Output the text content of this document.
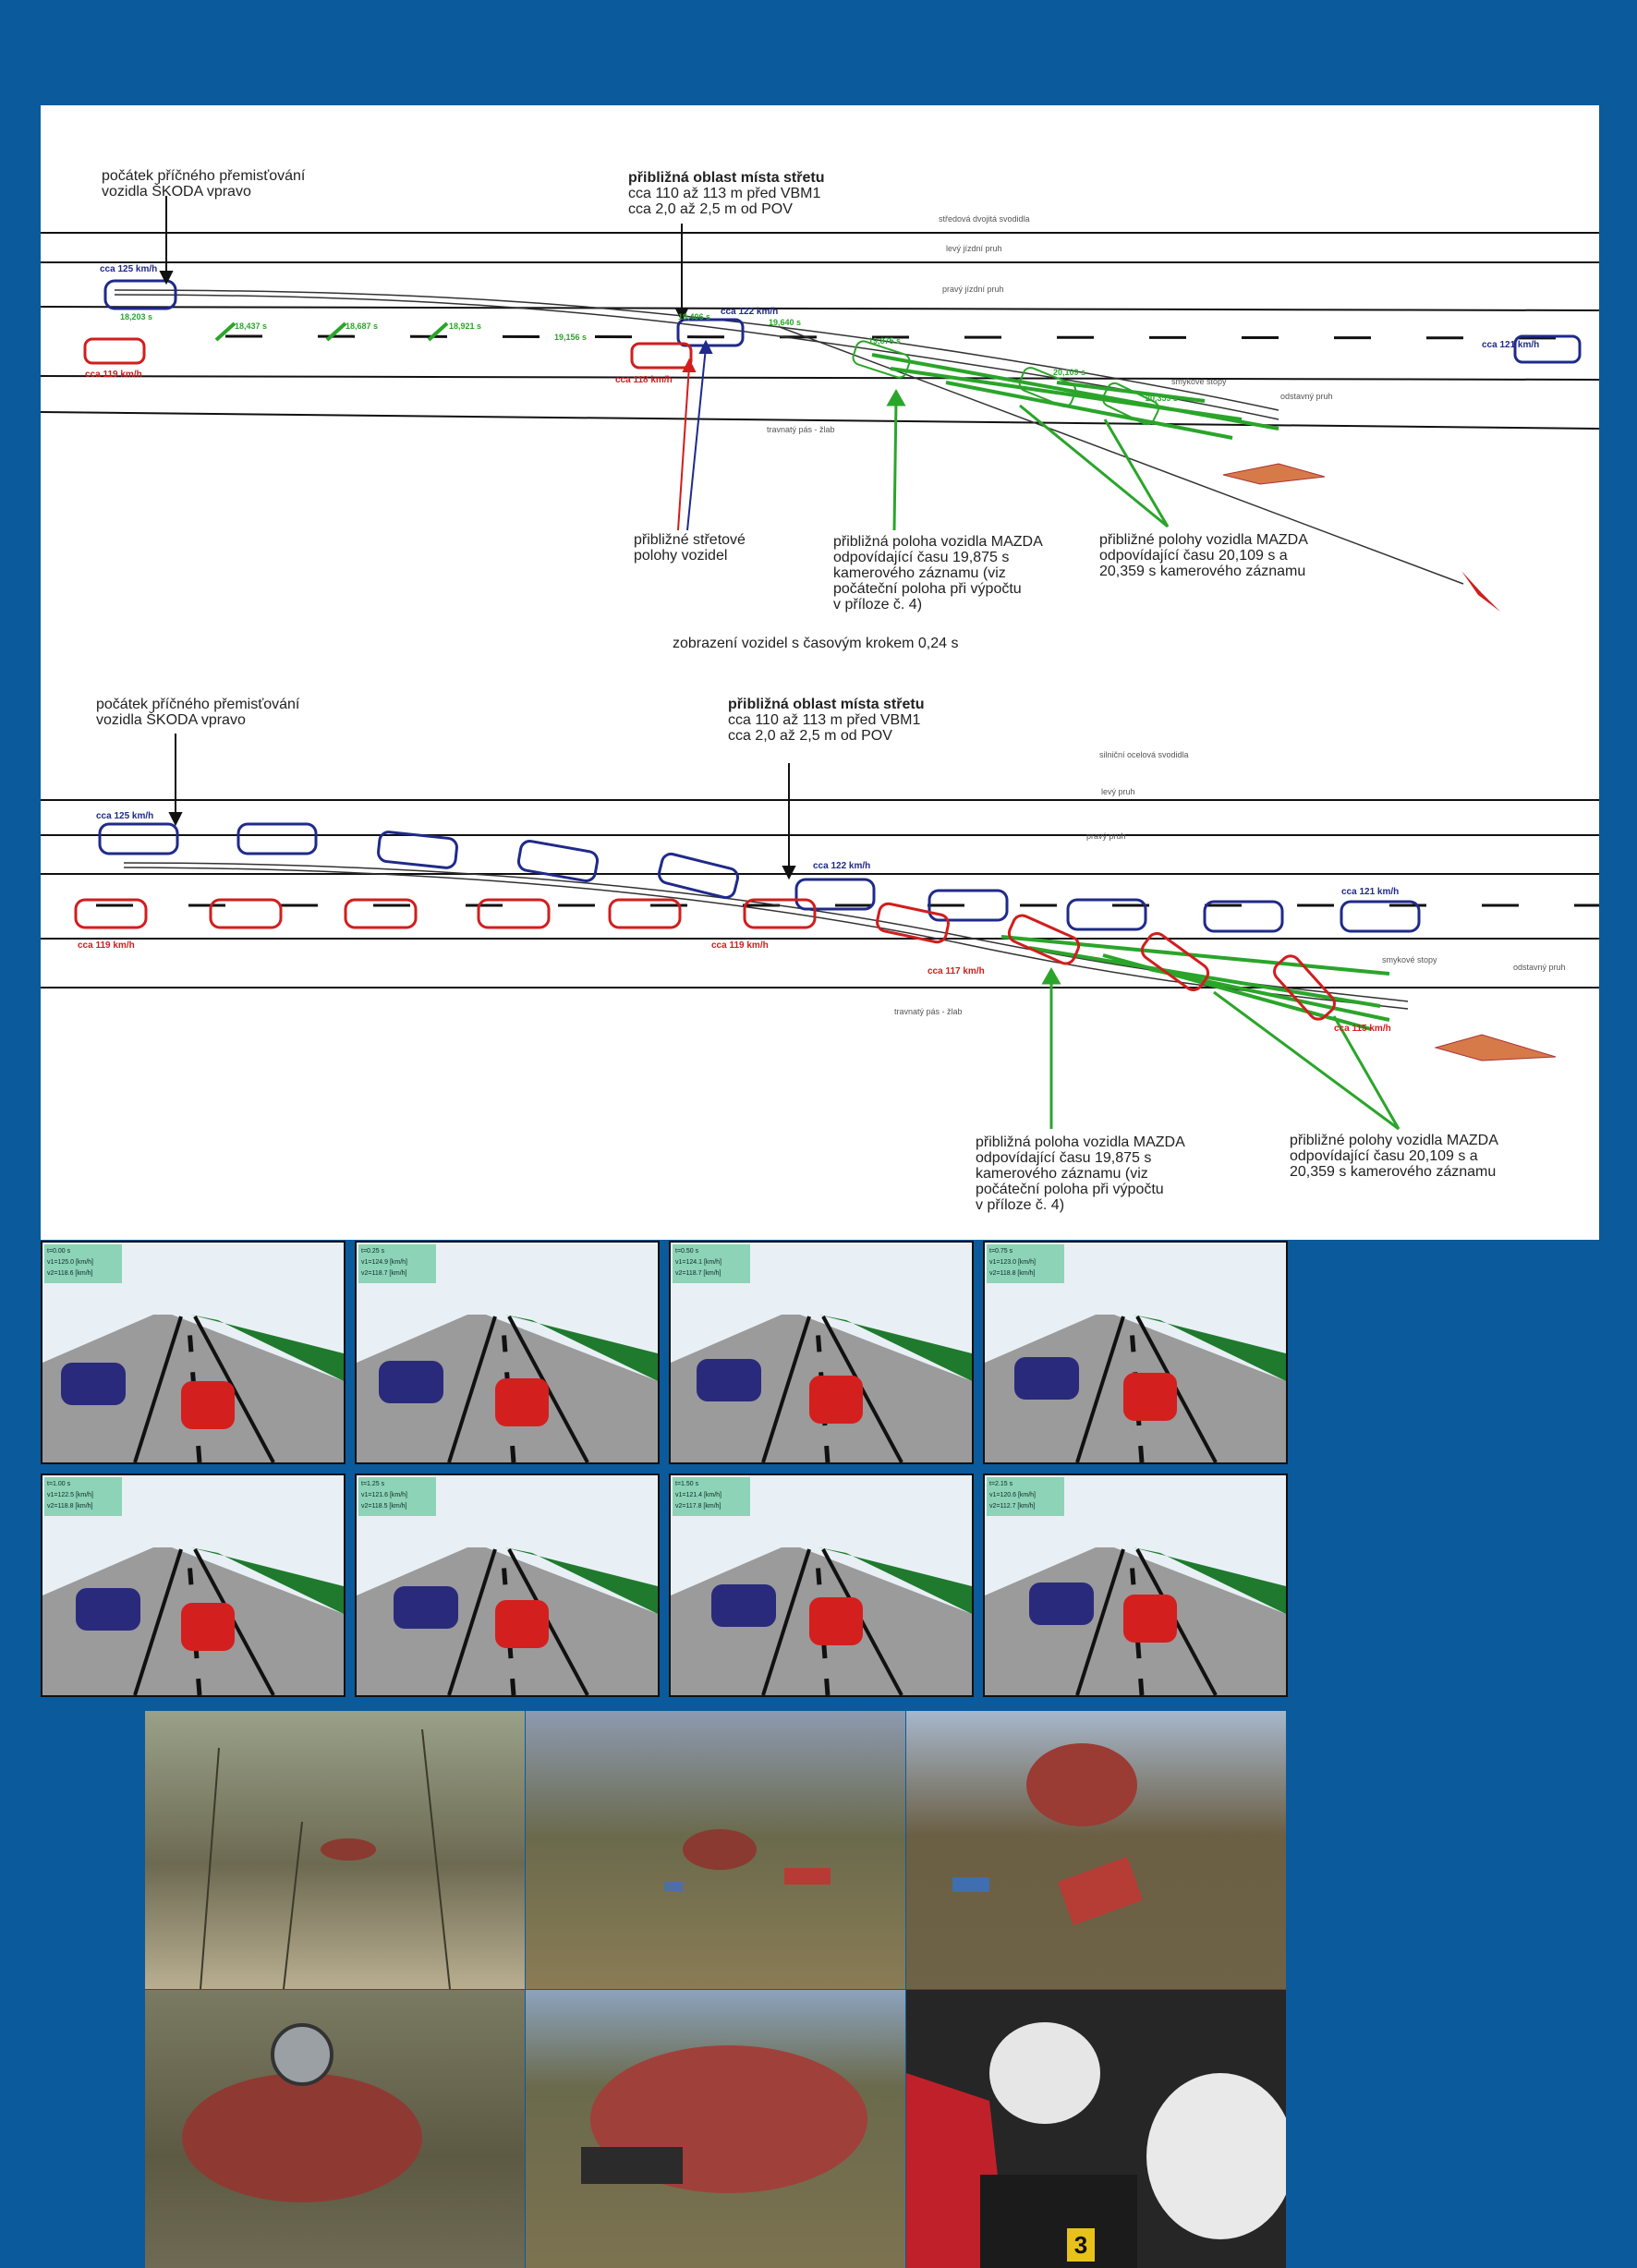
počátek příčného přemisťování
vozidla ŠKODA vpravo
přibližná oblast místa střetu
cca 110 až 113 m před VBM1
cca 2,0 až 2,5 m od POV
přibližné střetové
polohy vozidel
přibližná poloha vozidla MAZDA
odpovídající času 19,875 s
kamerového záznamu (viz
počáteční poloha při výpočtu
v příloze č. 4)
přibližné polohy vozidla MAZDA
odpovídající času 20,109 s a
20,359 s kamerového záznamu
zobrazení vozidel s časovým krokem 0,24 s
cca 125 km/h
cca 119 km/h
cca 122 km/h
cca 121 km/h
cca 118 km/h
18,203 s
18,437 s	18,687 s	18,921 s
19,156 s
19,406 s
19,640 s
19,875 s
20,109 s
20,359 s
středová dvojitá svodidla
levý jízdní pruh
pravý jízdní pruh
odstavný pruh
travnatý pás - žlab
smykové stopy
počátek příčného přemisťování
vozidla ŠKODA vpravo
přibližná oblast místa střetu
cca 110 až 113 m před VBM1
cca 2,0 až 2,5 m od POV
přibližná poloha vozidla MAZDA
odpovídající času 19,875 s
kamerového záznamu (viz
počáteční poloha při výpočtu
v příloze č. 4)
přibližné polohy vozidla MAZDA
odpovídající času 20,109 s a
20,359 s kamerového záznamu
cca 125 km/h
cca 119 km/h
cca 122 km/h
cca 121 km/h
cca 119 km/h
cca 117 km/h
cca 115 km/h
silniční ocelová svodidla
levý pruh
pravý pruh
smykové stopy
odstavný pruh
travnatý pás - žlab
t=0.00 s
v1=125.0 [km/h]
v2=118.6 [km/h]
t=0.25 s
v1=124.9 [km/h]
v2=118.7 [km/h]
t=0.50 s
v1=124.1 [km/h]
v2=118.7 [km/h]
t=0.75 s
v1=123.0 [km/h]
v2=118.8 [km/h]
t=1.00 s
v1=122.5 [km/h]
v2=118.8 [km/h]
t=1.25 s
v1=121.6 [km/h]
v2=118.5 [km/h]
t=1.50 s
v1=121.4 [km/h]
v2=117.8 [km/h]
t=2.15 s
v1=120.6 [km/h]
v2=112.7 [km/h]
3
